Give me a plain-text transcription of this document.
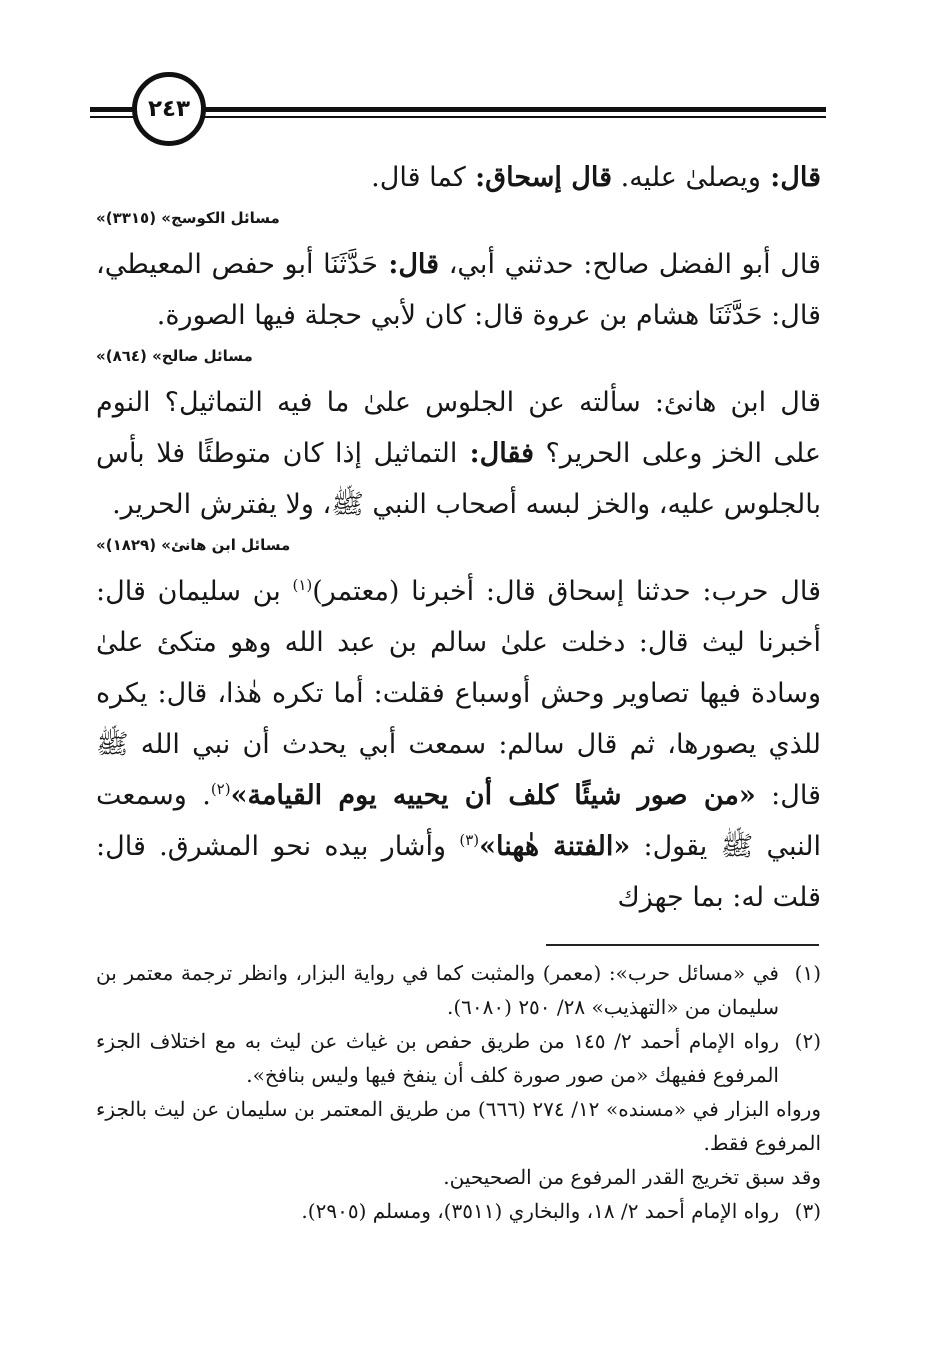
٢٤٣

قال: ويصلىٰ عليه. قال إسحاق: كما قال.

«مسائل الكوسج» (٣٣١٥)

قال أبو الفضل صالح: حدثني أبي، قال: حَدَّثَنَا أبو حفص المعيطي، قال: حَدَّثَنَا هشام بن عروة قال: كان لأبي حجلة فيها الصورة.

«مسائل صالح» (٨٦٤)

قال ابن هانئ: سألته عن الجلوس علىٰ ما فيه التماثيل؟ النوم على الخز وعلى الحرير؟ فقال: التماثيل إذا كان متوطئًا فلا بأس بالجلوس عليه، والخز لبسه أصحاب النبي ﷺ، ولا يفترش الحرير.

«مسائل ابن هانئ» (١٨٢٩)

قال حرب: حدثنا إسحاق قال: أخبرنا (معتمر)$^{(١)}$ بن سليمان قال: أخبرنا ليث قال: دخلت علىٰ سالم بن عبد الله وهو متكئ علىٰ وسادة فيها تصاوير وحش أوسباع فقلت: أما تكره هٰذا، قال: يكره للذي يصورها، ثم قال سالم: سمعت أبي يحدث أن نبي الله ﷺ قال: «من صور شيئًا كلف أن يحييه يوم القيامة»$^{(٢)}$. وسمعت النبي ﷺ يقول: «الفتنة هٰهنا»$^{(٣)}$ وأشار بيده نحو المشرق. قال: قلت له: بما جهزك

(١)
في «مسائل حرب»: (معمر) والمثبت كما في رواية البزار، وانظر ترجمة معتمر بن سليمان من «التهذيب» ٢٨/ ٢٥٠ (٦٠٨٠).
(٢)
رواه الإمام أحمد ٢/ ١٤٥ من طريق حفص بن غياث عن ليث به مع اختلاف الجزء المرفوع ففيهك «من صور صورة كلف أن ينفخ فيها وليس بنافخ».

ورواه البزار في «مسنده» ١٢/ ٢٧٤ (٦٦٦) من طريق المعتمر بن سليمان عن ليث بالجزء المرفوع فقط.

وقد سبق تخريج القدر المرفوع من الصحيحين.

(٣)
رواه الإمام أحمد ٢/ ١٨، والبخاري (٣٥١١)، ومسلم (٢٩٠٥).
